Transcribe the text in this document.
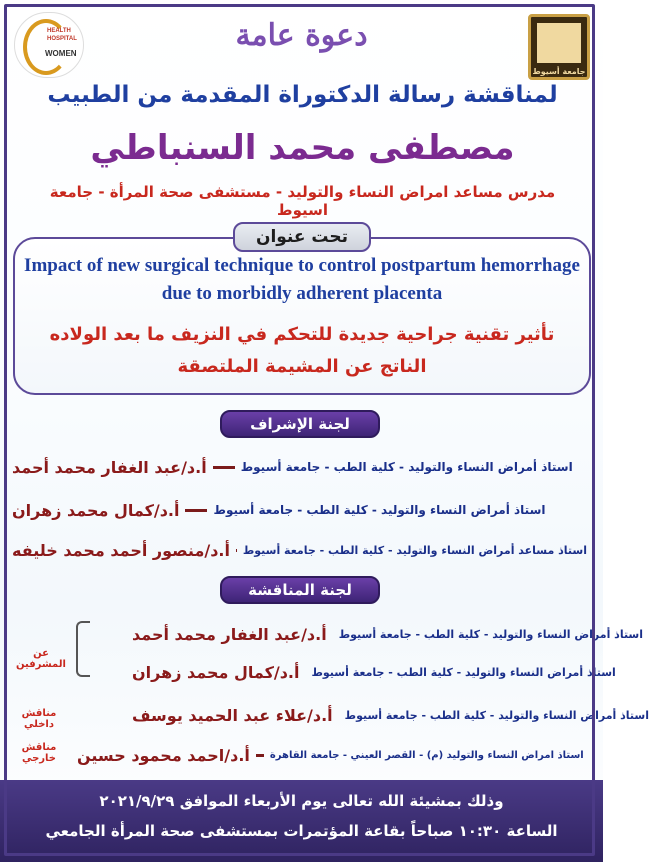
HEALTH HOSPITAL
WOMEN
جامعة أسيوط
دعوة عامة
لمناقشة رسالة الدكتوراة المقدمة من الطبيب
مصطفى محمد السنباطي
مدرس مساعد امراض النساء والتوليد - مستشفى صحة المرأة - جامعة اسيوط
تحت عنوان
Impact of new surgical technique to control postpartum hemorrhage due to morbidly adherent placenta
تأثير تقنية جراحية جديدة للتحكم في النزيف ما بعد الولاده
الناتج عن المشيمة الملتصقة
لجنة الإشراف
أ.د/عبد الغفار محمد أحمد	استاذ أمراض النساء والتوليد - كلية الطب - جامعة أسيوط
أ.د/كمال محمد زهران	استاذ أمراض النساء والتوليد - كلية الطب - جامعة أسيوط
أ.د/منصور أحمد محمد خليفه استاذ مساعد أمراض النساء والتوليد - كلية الطب - جامعة أسيوط
لجنة المناقشة
أ.د/عبد الغفار محمد أحمد استاذ أمراض النساء والتوليد - كلية الطب - جامعة أسيوط
أ.د/كمال محمد زهران استاذ أمراض النساء والتوليد - كلية الطب - جامعة أسيوط
أ.د/علاء عبد الحميد يوسف استاذ أمراض النساء والتوليد - كلية الطب - جامعة أسيوط
أ.د/احمد محمود حسين استاذ امراض النساء والتوليد (م) - القصر العيني - جامعة القاهرة
عن المشرفين
مناقش داخلي
مناقش خارجي
وذلك بمشيئة الله تعالى يوم الأربعاء الموافق ٢٠٢١/٩/٢٩
الساعة ١٠:٣٠ صباحاً بقاعة المؤتمرات بمستشفى صحة المرأة الجامعي
